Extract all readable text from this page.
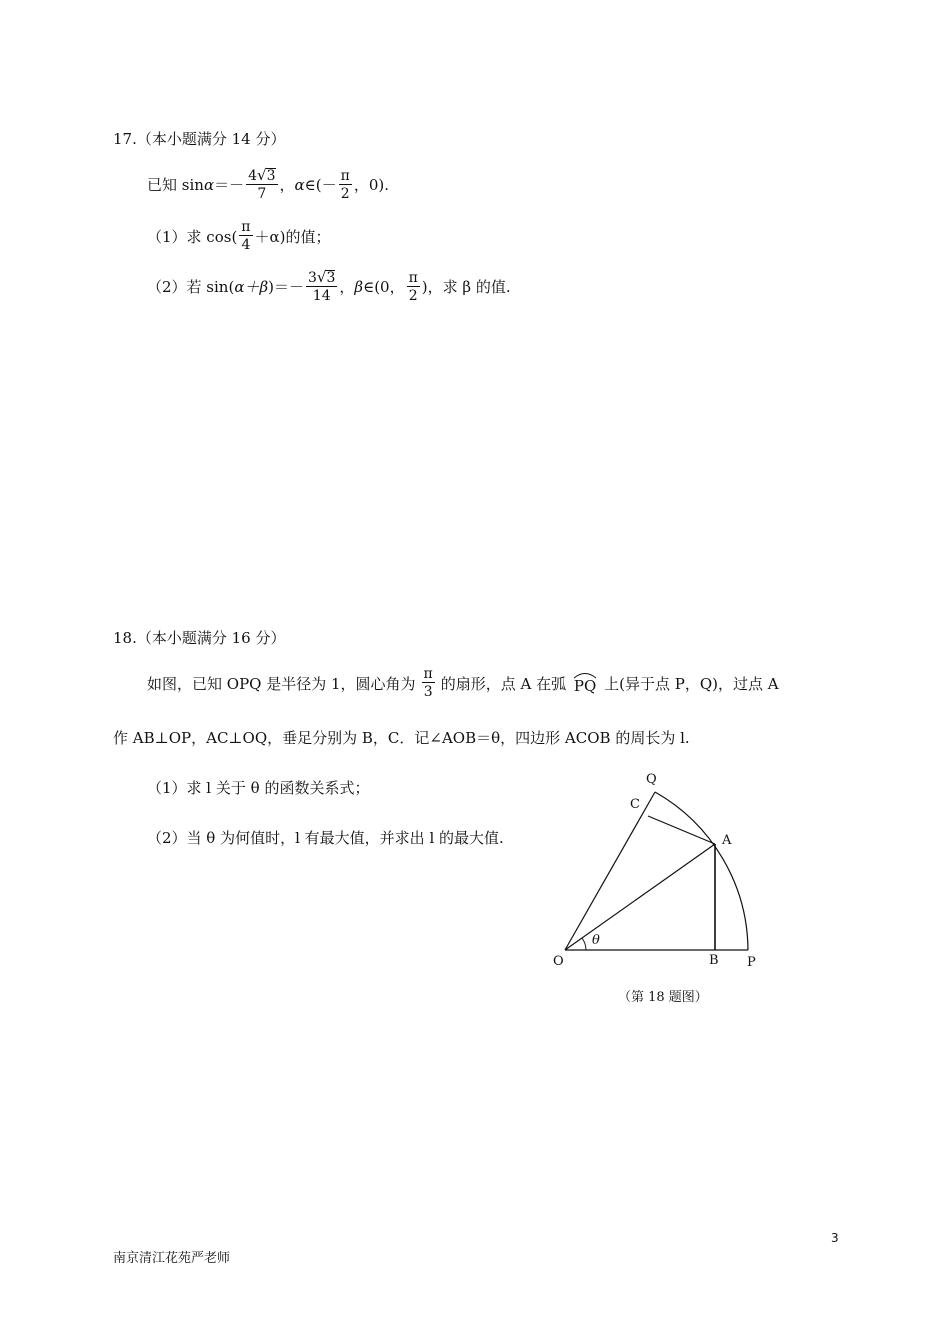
17.（本小题满分 14 分）
已知 $\sin \alpha =- \frac{4 √ 3}{7}$ ， α ∈(－ $\frac{\pi}{2}$ ，0).
（1）求 $\cos( \frac{\pi}{4} +\alpha)$的值；
（2）若 sin( α＋β )＝－ $\frac{3 √ 3}{14}$ ， β ∈(0， $\frac{\pi}{2}$ )，求 β 的值.
18.（本小题满分 16 分）
如图，已知 OPQ 是半径为 1，圆心角为 $\frac{\pi}{3}$ 的扇形，点 A 在弧 PQ 上(异于点 P，Q)，过点 A
作 AB⊥OP，AC⊥OQ，垂足分别为 B，C．记∠AOB＝θ，四边形 ACOB 的周长为 l.
（1）求 l 关于 θ 的函数关系式；
（2）当 θ 为何值时，l 有最大值，并求出 l 的最大值.
O	B P
A
C
Q
θ
（第 18 题图）
3
南京清江花苑严老师
